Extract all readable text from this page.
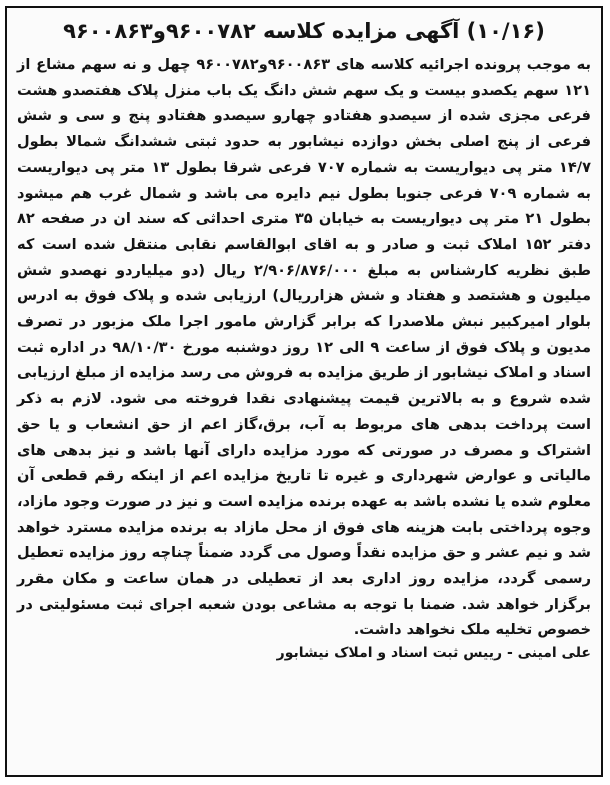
(۱۰/۱۶) آگهی مزایده کلاسه ۹۶۰۰۷۸۲و۹۶۰۰۸۶۳

به موجب پرونده اجرائیه کلاسه های ۹۶۰۰۸۶۳و۹۶۰۰۷۸۲ چهل و نه سهم مشاع از ۱۲۱ سهم یکصدو بیست و یک سهم شش دانگ یک باب منزل پلاک هفتصدو هشت فرعی مجزی شده از سیصدو هفتادو چهارو سیصدو هفتادو پنج و سی و شش فرعی از پنج اصلی بخش دوازده نیشابور به حدود ثبتی ششدانگ شمالا بطول ۱۴/۷ متر پی دیواریست به شماره ۷۰۷ فرعی شرقا بطول ۱۳ متر پی دیواریست به شماره ۷۰۹ فرعی جنوبا بطول نیم دایره می باشد و شمال غرب هم میشود بطول ۲۱ متر پی دیواریست به خیابان ۳۵ متری احداثی که سند ان در صفحه ۸۲ دفتر ۱۵۲ املاک ثبت و صادر و به اقای ابوالقاسم نقابی منتقل شده است که طبق نظریه کارشناس به مبلغ ۲/۹۰۶/۸۷۶/۰۰۰ ریال (دو میلیاردو نهصدو شش میلیون و هشتصد و هفتاد و شش هزارریال) ارزیابی شده و پلاک فوق به ادرس بلوار امیرکبیر نبش ملاصدرا که برابر گزارش مامور اجرا ملک مزبور در تصرف مدیون و پلاک فوق از ساعت ۹ الی ۱۲ روز دوشنبه مورخ ۹۸/۱۰/۳۰ در اداره ثبت اسناد و املاک نیشابور از طریق مزایده به فروش می رسد مزایده از مبلغ ارزیابی شده شروع و به بالاترین قیمت پیشنهادی نقدا فروخته می شود. لازم به ذکر است پرداخت بدهی های مربوط به آب، برق،گاز اعم از حق انشعاب و یا حق اشتراک و مصرف در صورتی که مورد مزایده دارای آنها باشد و نیز بدهی های مالیاتی و عوارض شهرداری و غیره تا تاریخ مزایده اعم از اینکه رقم قطعی آن معلوم شده یا نشده باشد به عهده برنده مزایده است و نیز در صورت وجود مازاد، وجوه پرداختی بابت هزینه های فوق از محل مازاد به برنده مزایده مسترد خواهد شد و نیم عشر و حق مزایده نقداً وصول می گردد ضمناً چناچه روز مزایده تعطیل رسمی گردد، مزایده روز اداری بعد از تعطیلی در همان ساعت و مکان مقرر برگزار خواهد شد. ضمنا با توجه به مشاعی بودن شعبه اجرای ثبت مسئولیتی در خصوص تخلیه ملک نخواهد داشت.

علی امینی - رییس ثبت اسناد و املاک نیشابور
